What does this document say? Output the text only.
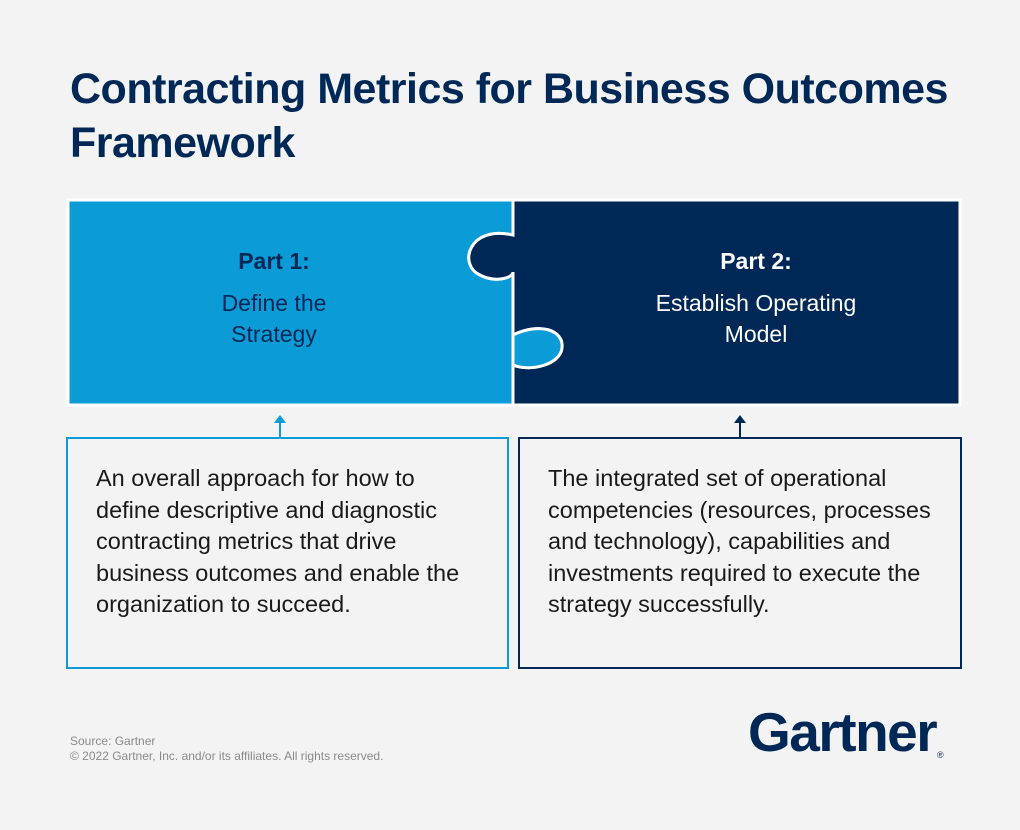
Contracting Metrics for Business Outcomes Framework
Part 1:
Define the Strategy
Part 2:
Establish Operating Model
An overall approach for how to define descriptive and diagnostic contracting metrics that drive business outcomes and enable the organization to succeed.
The integrated set of operational competencies (resources, processes and technology), capabilities and investments required to execute the strategy successfully.
Source: Gartner
© 2022 Gartner, Inc. and/or its affiliates. All rights reserved.	Gartner ®
